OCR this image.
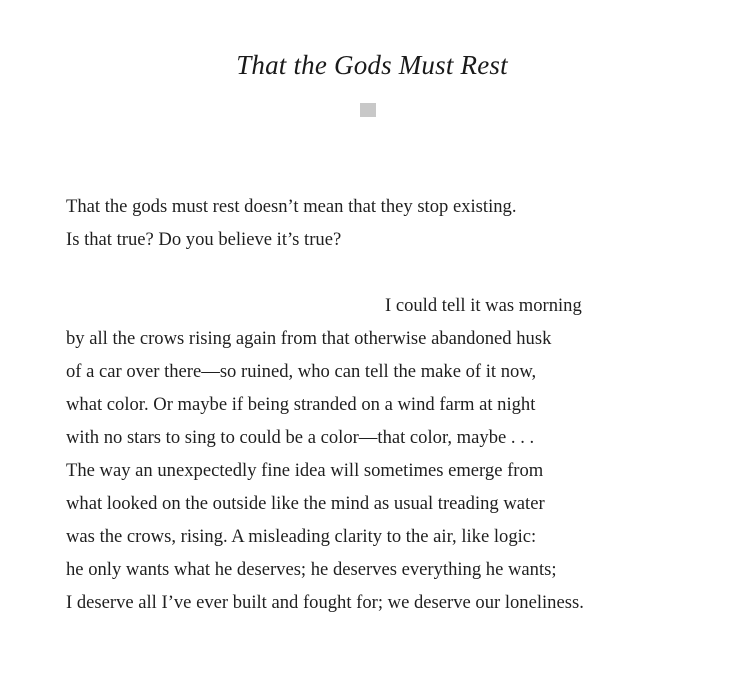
That the Gods Must Rest

That the gods must rest doesn’t mean that they stop existing.

Is that true? Do you believe it’s true?

I could tell it was morning

by all the crows rising again from that otherwise abandoned husk

of a car over there—so ruined, who can tell the make of it now,

what color. Or maybe if being stranded on a wind farm at night

with no stars to sing to could be a color—that color, maybe . . .

The way an unexpectedly fine idea will sometimes emerge from

what looked on the outside like the mind as usual treading water

was the crows, rising. A misleading clarity to the air, like logic:

he only wants what he deserves; he deserves everything he wants;

I deserve all I’ve ever built and fought for; we deserve our loneliness.
